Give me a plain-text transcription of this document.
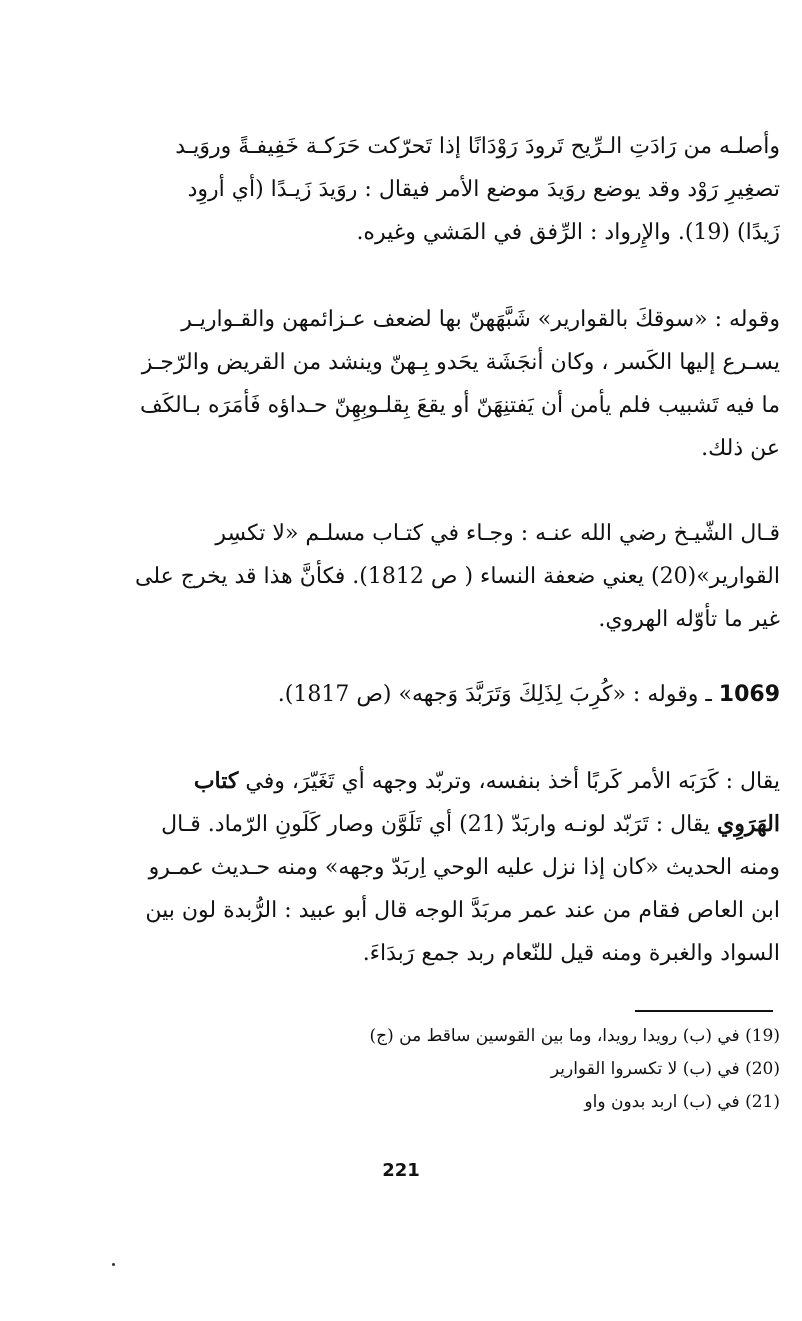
وأصلـه من رَادَتِ الـرِّيح تَرودَ رَوْدَانًا إذا تَحرّكت حَرَكـة خَفِيفـةً وروَيـد
تصغِيرِ رَوْد وقد يوضع روَيدَ موضع الأمر فيقال : روَيدَ زَيـدًا (أي أروِد
زَيدًا) (19). والإِرواد : الرِّفق في المَشي وغيره.
وقوله : «سوقكَ بالقوارير» شَبَّهَهنّ بها لضعف عـزائمهن والقـواريـر
يسـرع إليها الكَسر ، وكان أنجَشَة يحَدو بِـهنّ وينشد من القريض والرّجـز
ما فيه تَشبيب فلم يأمن أن يَفتنِهَنّ أو يقعَ بِقلـوبِهِنّ حـداؤه فَأمَرَه بـالكَف
عن ذلك.
قـال الشّيـخ رضي الله عنـه : وجـاء في كتـاب مسلـم «لا تكسِر
القوارير»(20) يعني ضعفة النساء ( ص 1812). فكأنَّ هذا قد يخرج على
غير ما تأوّله الهروي.
1069 ـ وقوله : «كُرِبَ لِذَلِكَ وَتَرَبَّدَ وَجهه» (ص 1817).
يقال : كَرَبَه الأمر كَربًا أخذ بنفسه، وتربّد وجهه أي تَغَيّرَ، وفي كتاب
الهَرَوِي يقال : تَرَبّد لونـه واربَدّ (21) أي تَلَوَّن وصار كَلَونِ الرّماد. قـال
ومنه الحديث «كان إذا نزل عليه الوحي اِربَدّ وجهه» ومنه حـديث عمـرو
ابن العاص فقام من عند عمر مربَدَّ الوجه قال أبو عبيد : الرُّبدة لون بين
السواد والغبرة ومنه قيل للنّعام ربد جمع رَبدَاءَ.
(19) في (ب) رويدا رويدا، وما بين القوسين ساقط من (ج)
(20) في (ب) لا تكسروا القوارير
(21) في (ب) اربد بدون واو
221
